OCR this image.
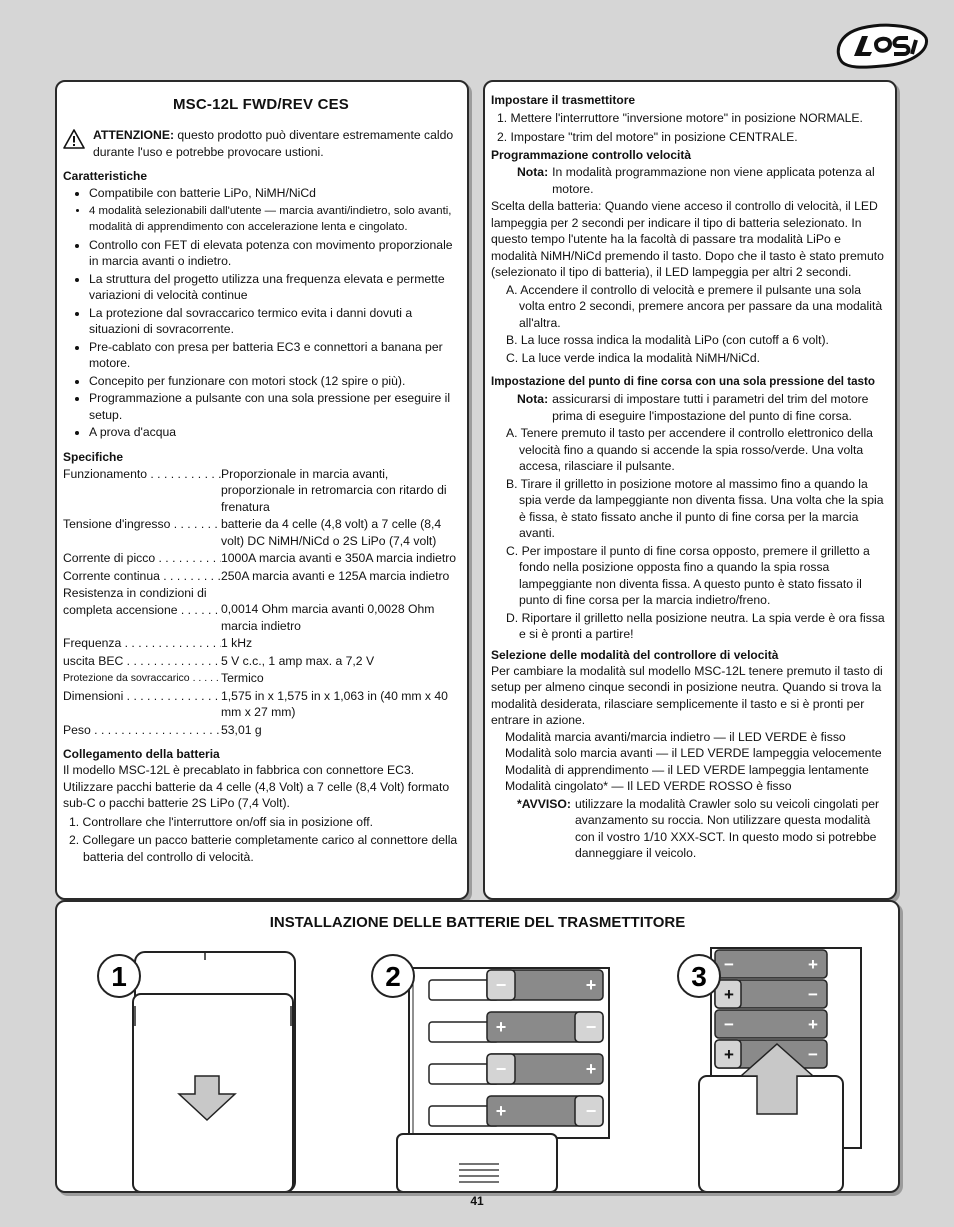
MSC-12L FWD/REV CES
ATTENZIONE: questo prodotto può diventare estremamente caldo durante l'uso e potrebbe provocare ustioni.
Caratteristiche
• Compatibile con batterie LiPo, NiMH/NiCd
• 4 modalità selezionabili dall'utente — marcia avanti/indietro, solo avanti, modalità di apprendimento con accelerazione lenta e cingolato.
• Controllo con FET di elevata potenza con movimento proporzionale in marcia avanti o indietro.
• La struttura del progetto utilizza una frequenza elevata e permette variazioni di velocità continue
• La protezione dal sovraccarico termico evita i danni dovuti a situazioni di sovracorrente.
• Pre-cablato con presa per batteria EC3 e connettori a banana per motore.
• Concepito per funzionare con motori stock (12 spire o più).
• Programmazione a pulsante con una sola pressione per eseguire il setup.
• A prova d'acqua
Specifiche
Funzionamento . . .	Proporzionale in marcia avanti, proporzionale in retromarcia con ritardo di frenatura
Tensione d'ingresso . . .	batterie da 4 celle (4,8 volt) a 7 celle (8,4 volt) DC NiMH/NiCd o 2S LiPo (7,4 volt)
Corrente di picco . . .	1000A marcia avanti e 350A marcia indietro
Corrente continua . . .	250A marcia avanti e 125A marcia indietro
Resistenza in condizioni di completa accensione . . .	0,0014 Ohm marcia avanti 0,0028 Ohm marcia indietro
Frequenza . . .	1 kHz
uscita BEC . . .	5 V c.c., 1 amp max. a 7,2 V
Protezione da sovraccarico . . .	Termico
Dimensioni . . .	1,575 in x 1,575 in x 1,063 in (40 mm x 40 mm x 27 mm)
Peso . . .	53,01 g
Collegamento della batteria
Il modello MSC-12L è precablato in fabbrica con connettore EC3. Utilizzare pacchi batterie da 4 celle (4,8 Volt) a 7 celle (8,4 Volt) formato sub-C o pacchi batterie 2S LiPo (7,4 Volt).
1. Controllare che l'interruttore on/off sia in posizione off.
2. Collegare un pacco batterie completamente carico al connettore della batteria del controllo di velocità.
Impostare il trasmettitore
1. Mettere l'interruttore "inversione motore" in posizione NORMALE.
2. Impostare "trim del motore" in posizione CENTRALE.
Programmazione controllo velocità
Nota: In modalità programmazione non viene applicata potenza al motore.
Scelta della batteria: Quando viene acceso il controllo di velocità, il LED lampeggia per 2 secondi per indicare il tipo di batteria selezionato. In questo tempo l'utente ha la facoltà di passare tra modalità LiPo e modalità NiMH/NiCd premendo il tasto. Dopo che il tasto è stato premuto (selezionato il tipo di batteria), il LED lampeggia per altri 2 secondi.
A. Accendere il controllo di velocità e premere il pulsante una sola volta entro 2 secondi, premere ancora per passare da una modalità all'altra.
B. La luce rossa indica la modalità LiPo (con cutoff a 6 volt).
C. La luce verde indica la modalità NiMH/NiCd.
Impostazione del punto di fine corsa con una sola pressione del tasto
Nota: assicurarsi di impostare tutti i parametri del trim del motore prima di eseguire l'impostazione del punto di fine corsa.
A. Tenere premuto il tasto per accendere il controllo elettronico della velocità fino a quando si accende la spia rosso/verde. Una volta accesa, rilasciare il pulsante.
B. Tirare il grilletto in posizione motore al massimo fino a quando la spia verde da lampeggiante non diventa fissa. Una volta che la spia è fissa, è stato fissato anche il punto di fine corsa per la marcia avanti.
C. Per impostare il punto di fine corsa opposto, premere il grilletto a fondo nella posizione opposta fino a quando la spia rossa lampeggiante non diventa fissa. A questo punto è stato fissato il punto di fine corsa per la marcia indietro/freno.
D. Riportare il grilletto nella posizione neutra. La spia verde è ora fissa e si è pronti a partire!
Selezione delle modalità del controllore di velocità
Per cambiare la modalità sul modello MSC-12L tenere premuto il tasto di setup per almeno cinque secondi in posizione neutra. Quando si trova la modalità desiderata, rilasciare semplicemente il tasto e si è pronti per entrare in azione.
Modalità marcia avanti/marcia indietro — il LED VERDE è fisso
Modalità solo marcia avanti — il LED VERDE lampeggia velocemente
Modalità di apprendimento — il LED VERDE lampeggia lentamente
Modalità cingolato* — Il LED VERDE ROSSO è fisso
*AVVISO: utilizzare la modalità Crawler solo su veicoli cingolati per avanzamento su roccia. Non utilizzare questa modalità con il vostro 1/10 XXX-SCT. In questo modo si potrebbe danneggiare il veicolo.
INSTALLAZIONE DELLE BATTERIE DEL TRASMETTITORE
1	−	+
+	−
−	+
+	−
2	−	+
+	−
−	+
+	−
3
41
